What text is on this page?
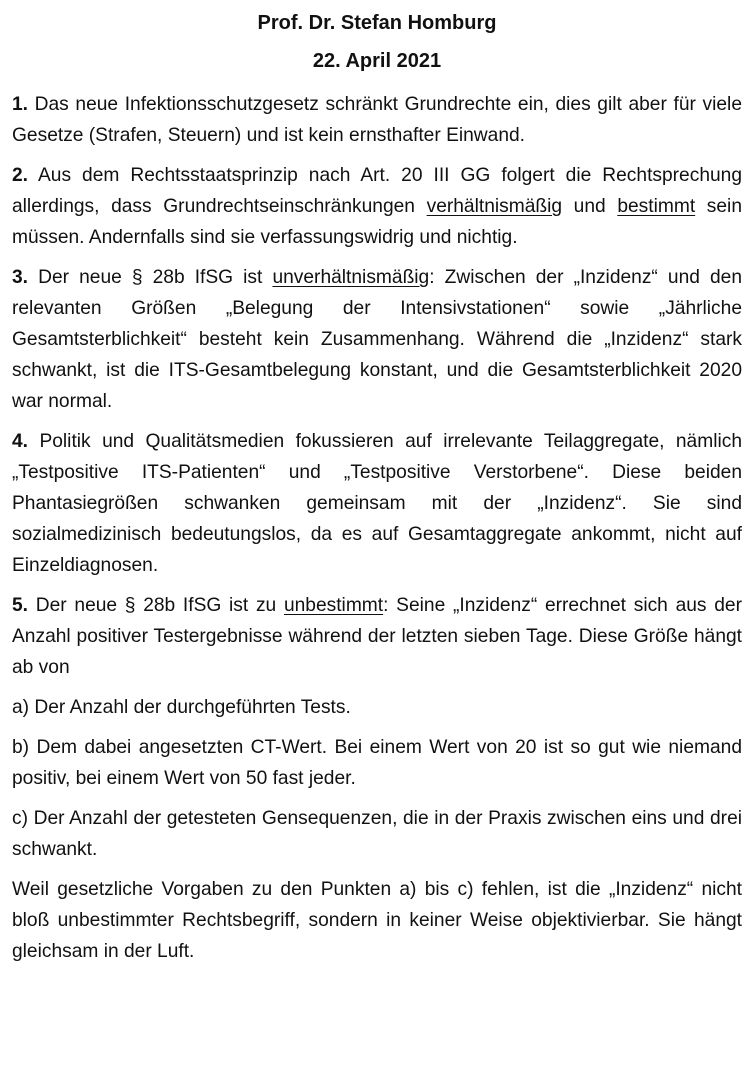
Prof. Dr. Stefan Homburg
22. April 2021

1. Das neue Infektionsschutzgesetz schränkt Grundrechte ein, dies gilt aber für viele Gesetze (Strafen, Steuern) und ist kein ernsthafter Einwand.

2. Aus dem Rechtsstaatsprinzip nach Art. 20 III GG folgert die Rechtsprechung allerdings, dass Grundrechtseinschränkungen verhältnismäßig und bestimmt sein müssen. Andernfalls sind sie verfassungswidrig und nichtig.

3. Der neue § 28b IfSG ist unverhältnismäßig: Zwischen der „Inzidenz“ und den relevanten Größen „Belegung der Intensivstationen“ sowie „Jährliche Gesamtsterblichkeit“ besteht kein Zusammenhang. Während die „Inzidenz“ stark schwankt, ist die ITS-Gesamtbelegung konstant, und die Gesamtsterblichkeit 2020 war normal.

4. Politik und Qualitätsmedien fokussieren auf irrelevante Teilaggregate, nämlich „Testpositive ITS-Patienten“ und „Testpositive Verstorbene“. Diese beiden Phantasiegrößen schwanken gemeinsam mit der „Inzidenz“. Sie sind sozialmedizinisch bedeutungslos, da es auf Gesamtaggregate ankommt, nicht auf Einzeldiagnosen.

5. Der neue § 28b IfSG ist zu unbestimmt: Seine „Inzidenz“ errechnet sich aus der Anzahl positiver Testergebnisse während der letzten sieben Tage. Diese Größe hängt ab von

a) Der Anzahl der durchgeführten Tests.

b) Dem dabei angesetzten CT-Wert. Bei einem Wert von 20 ist so gut wie niemand positiv, bei einem Wert von 50 fast jeder.

c) Der Anzahl der getesteten Gensequenzen, die in der Praxis zwischen eins und drei schwankt.

Weil gesetzliche Vorgaben zu den Punkten a) bis c) fehlen, ist die „Inzidenz“ nicht bloß unbestimmter Rechtsbegriff, sondern in keiner Weise objektivierbar. Sie hängt gleichsam in der Luft.
